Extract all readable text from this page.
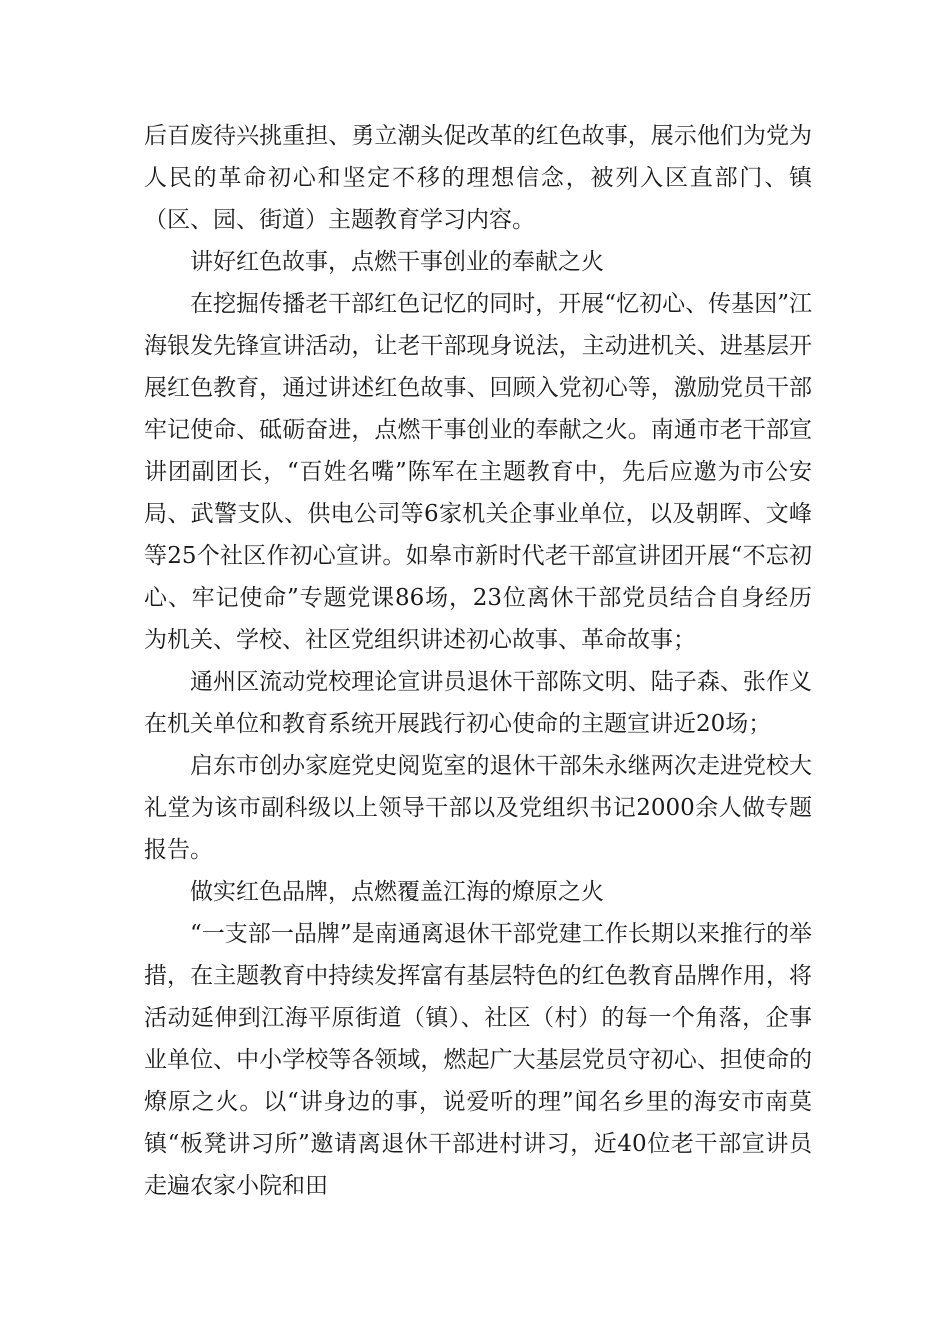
后百废待兴挑重担、勇立潮头促改革的红色故事，展示他们为党为人民的革命初心和坚定不移的理想信念，被列入区直部门、镇（区、园、街道）主题教育学习内容。

讲好红色故事，点燃干事创业的奉献之火

在挖掘传播老干部红色记忆的同时，开展“忆初心、传基因”江海银发先锋宣讲活动，让老干部现身说法，主动进机关、进基层开展红色教育，通过讲述红色故事、回顾入党初心等，激励党员干部牢记使命、砥砺奋进，点燃干事创业的奉献之火。南通市老干部宣讲团副团长，“百姓名嘴”陈军在主题教育中，先后应邀为市公安局、武警支队、供电公司等6家机关企事业单位，以及朝晖、文峰等25个社区作初心宣讲。如皋市新时代老干部宣讲团开展“不忘初心、牢记使命”专题党课86场，23位离休干部党员结合自身经历为机关、学校、社区党组织讲述初心故事、革命故事；

通州区流动党校理论宣讲员退休干部陈文明、陆子森、张作义在机关单位和教育系统开展践行初心使命的主题宣讲近20场；

启东市创办家庭党史阅览室的退休干部朱永继两次走进党校大礼堂为该市副科级以上领导干部以及党组织书记2000余人做专题报告。

做实红色品牌，点燃覆盖江海的燎原之火

“一支部一品牌”是南通离退休干部党建工作长期以来推行的举措，在主题教育中持续发挥富有基层特色的红色教育品牌作用，将活动延伸到江海平原街道（镇）、社区（村）的每一个角落，企事业单位、中小学校等各领域，燃起广大基层党员守初心、担使命的燎原之火。以“讲身边的事，说爱听的理”闻名乡里的海安市南莫镇“板凳讲习所”邀请离退休干部进村讲习，近40位老干部宣讲员走遍农家小院和田
